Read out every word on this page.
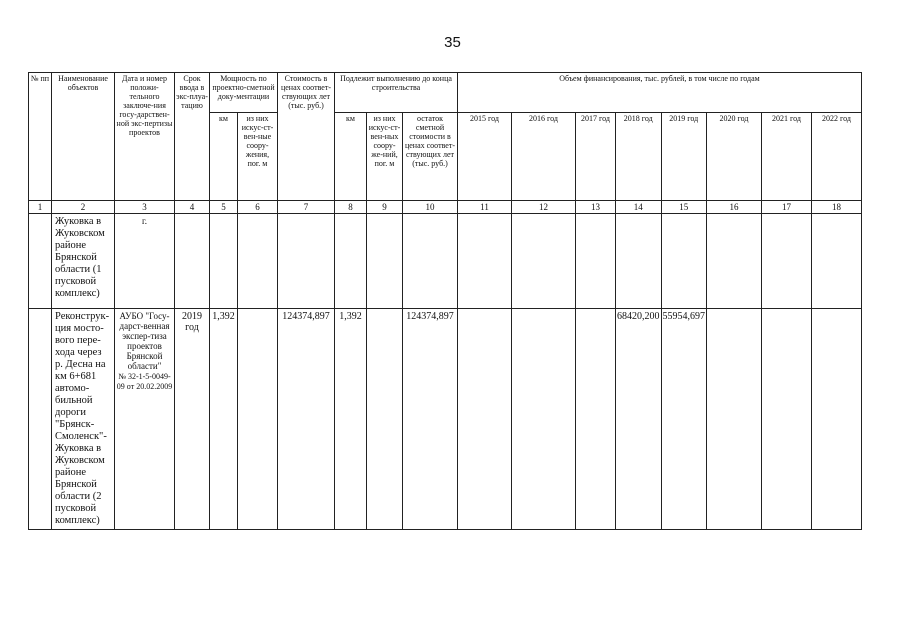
35
№ пп	Наименование объектов	Дата и номер положи-тельного заключе-ния госу-дарствен-ной экс-пертизы проектов	Срок ввода в экс-плуа-тацию	Мощность по проектно-сметной доку-ментации		Стоимость в ценах соответ-ствующих лет (тыс. руб.)	Подлежит выполнению до конца строительства			Объем финансирования, тыс. рублей, в том числе по годам							
				км	из них искус-ст-вен-ные соору-жения, пог. м		км	из них искус-ст-вен-ных соору-же-ний, пог. м	остаток сметной стоимости в ценах соответ-ствующих лет (тыс. руб.)	2015 год	2016 год	2017 год	2018 год	2019 год	2020 год	2021 год	2022 год
1	2	3	4	5	6	7	8	9	10	11	12	13	14	15	16	17	18
	Жуковка в Жуковском районе Брянской области (1 пусковой комплекс)	г.															
	Реконструк-ция мосто-вого пере-хода через р. Десна на км 6+681 автомо-бильной дороги "Брянск-Смоленск"-Жуковка в Жуковском районе Брянской области (2 пусковой комплекс)	АУБО "Госу-дарст-венная экспер-тиза проектов Брянской области"
№ 32-1-5-0049-09 от 20.02.2009	2019 год	1,392		124374,897	1,392		124374,897				68420,200	55954,697			
